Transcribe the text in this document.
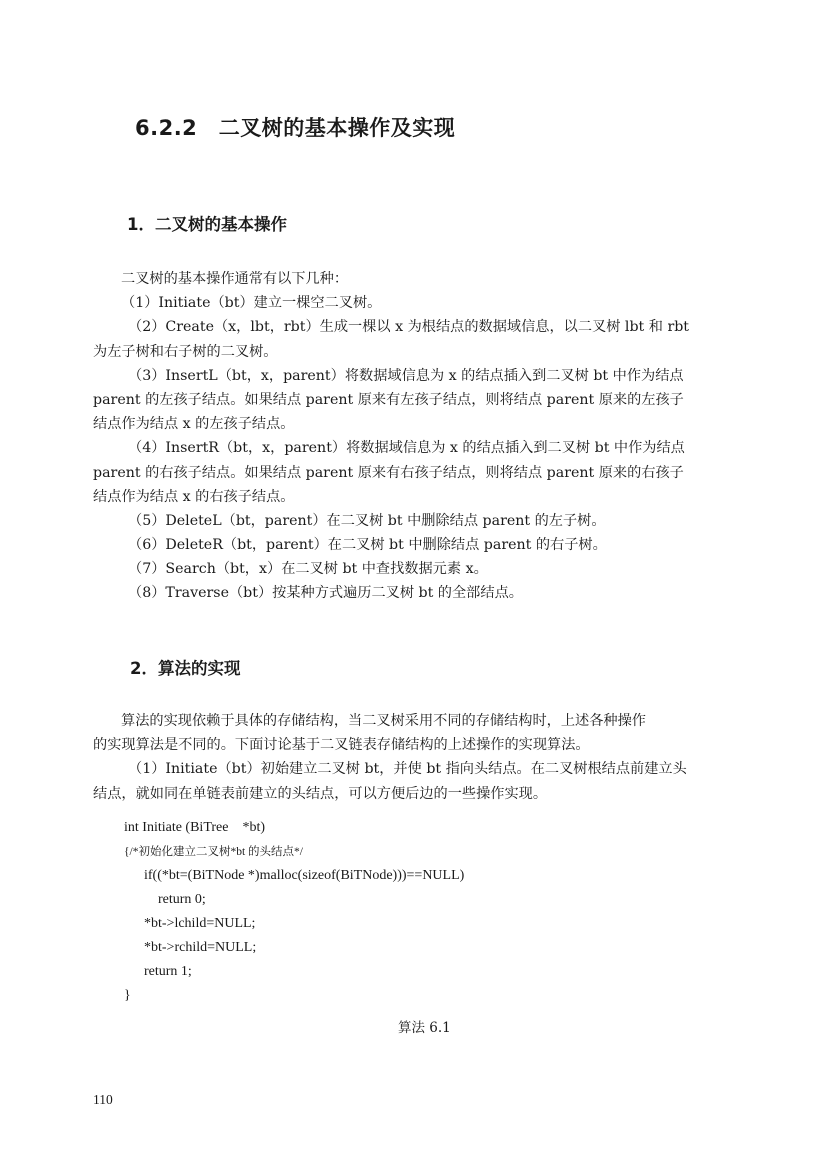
6.2.2　二叉树的基本操作及实现
1．二叉树的基本操作
二叉树的基本操作通常有以下几种：
（1）Initiate（bt）建立一棵空二叉树。
（2）Create（x，lbt，rbt）生成一棵以 x 为根结点的数据域信息，以二叉树 lbt 和 rbt
为左子树和右子树的二叉树。
（3）InsertL（bt，x，parent）将数据域信息为 x 的结点插入到二叉树 bt 中作为结点
parent 的左孩子结点。如果结点 parent 原来有左孩子结点，则将结点 parent 原来的左孩子
结点作为结点 x 的左孩子结点。
（4）InsertR（bt，x，parent）将数据域信息为 x 的结点插入到二叉树 bt 中作为结点
parent 的右孩子结点。如果结点 parent 原来有右孩子结点，则将结点 parent 原来的右孩子
结点作为结点 x 的右孩子结点。
（5）DeleteL（bt，parent）在二叉树 bt 中删除结点 parent 的左子树。
（6）DeleteR（bt，parent）在二叉树 bt 中删除结点 parent 的右子树。
（7）Search（bt，x）在二叉树 bt 中查找数据元素 x。
（8）Traverse（bt）按某种方式遍历二叉树 bt 的全部结点。
2．算法的实现
算法的实现依赖于具体的存储结构，当二叉树采用不同的存储结构时，上述各种操作
的实现算法是不同的。下面讨论基于二叉链表存储结构的上述操作的实现算法。
（1）Initiate（bt）初始建立二叉树 bt，并使 bt 指向头结点。在二叉树根结点前建立头
结点，就如同在单链表前建立的头结点，可以方便后边的一些操作实现。
int Initiate (BiTree　*bt)
{/*初始化建立二叉树*bt 的头结点*/
if((*bt=(BiTNode *)malloc(sizeof(BiTNode)))==NULL)
return 0;
*bt->lchild=NULL;
*bt->rchild=NULL;
return 1;
}
算法 6.1
110
